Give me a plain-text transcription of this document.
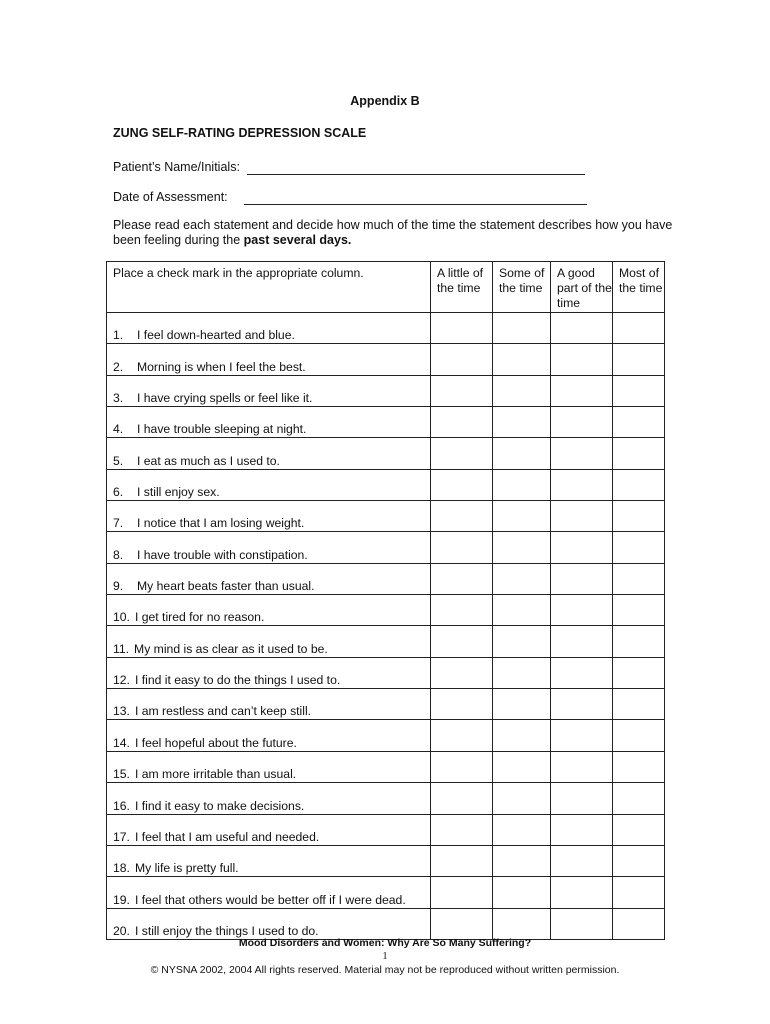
Appendix B
ZUNG SELF-RATING DEPRESSION SCALE
Patient’s Name/Initials:
Date of Assessment:
Please read each statement and decide how much of the time the statement describes how you have been feeling during the past several days.
Place a check mark in the appropriate column.	A little of the time	Some of the time	A good part of the time	Most of the time
1. I feel down-hearted and blue.				
2. Morning is when I feel the best.				
3. I have crying spells or feel like it.				
4. I have trouble sleeping at night.				
5. I eat as much as I used to.				
6. I still enjoy sex.				
7. I notice that I am losing weight.				
8. I have trouble with constipation.				
9. My heart beats faster than usual.				
10. I get tired for no reason.				
11. My mind is as clear as it used to be.				
12. I find it easy to do the things I used to.				
13. I am restless and can’t keep still.				
14. I feel hopeful about the future.				
15. I am more irritable than usual.				
16. I find it easy to make decisions.				
17. I feel that I am useful and needed.				
18. My life is pretty full.				
19. I feel that others would be better off if I were dead.				
20. I still enjoy the things I used to do.				
Mood Disorders and Women: Why Are So Many Suffering?
1
© NYSNA 2002, 2004 All rights reserved. Material may not be reproduced without written permission.
